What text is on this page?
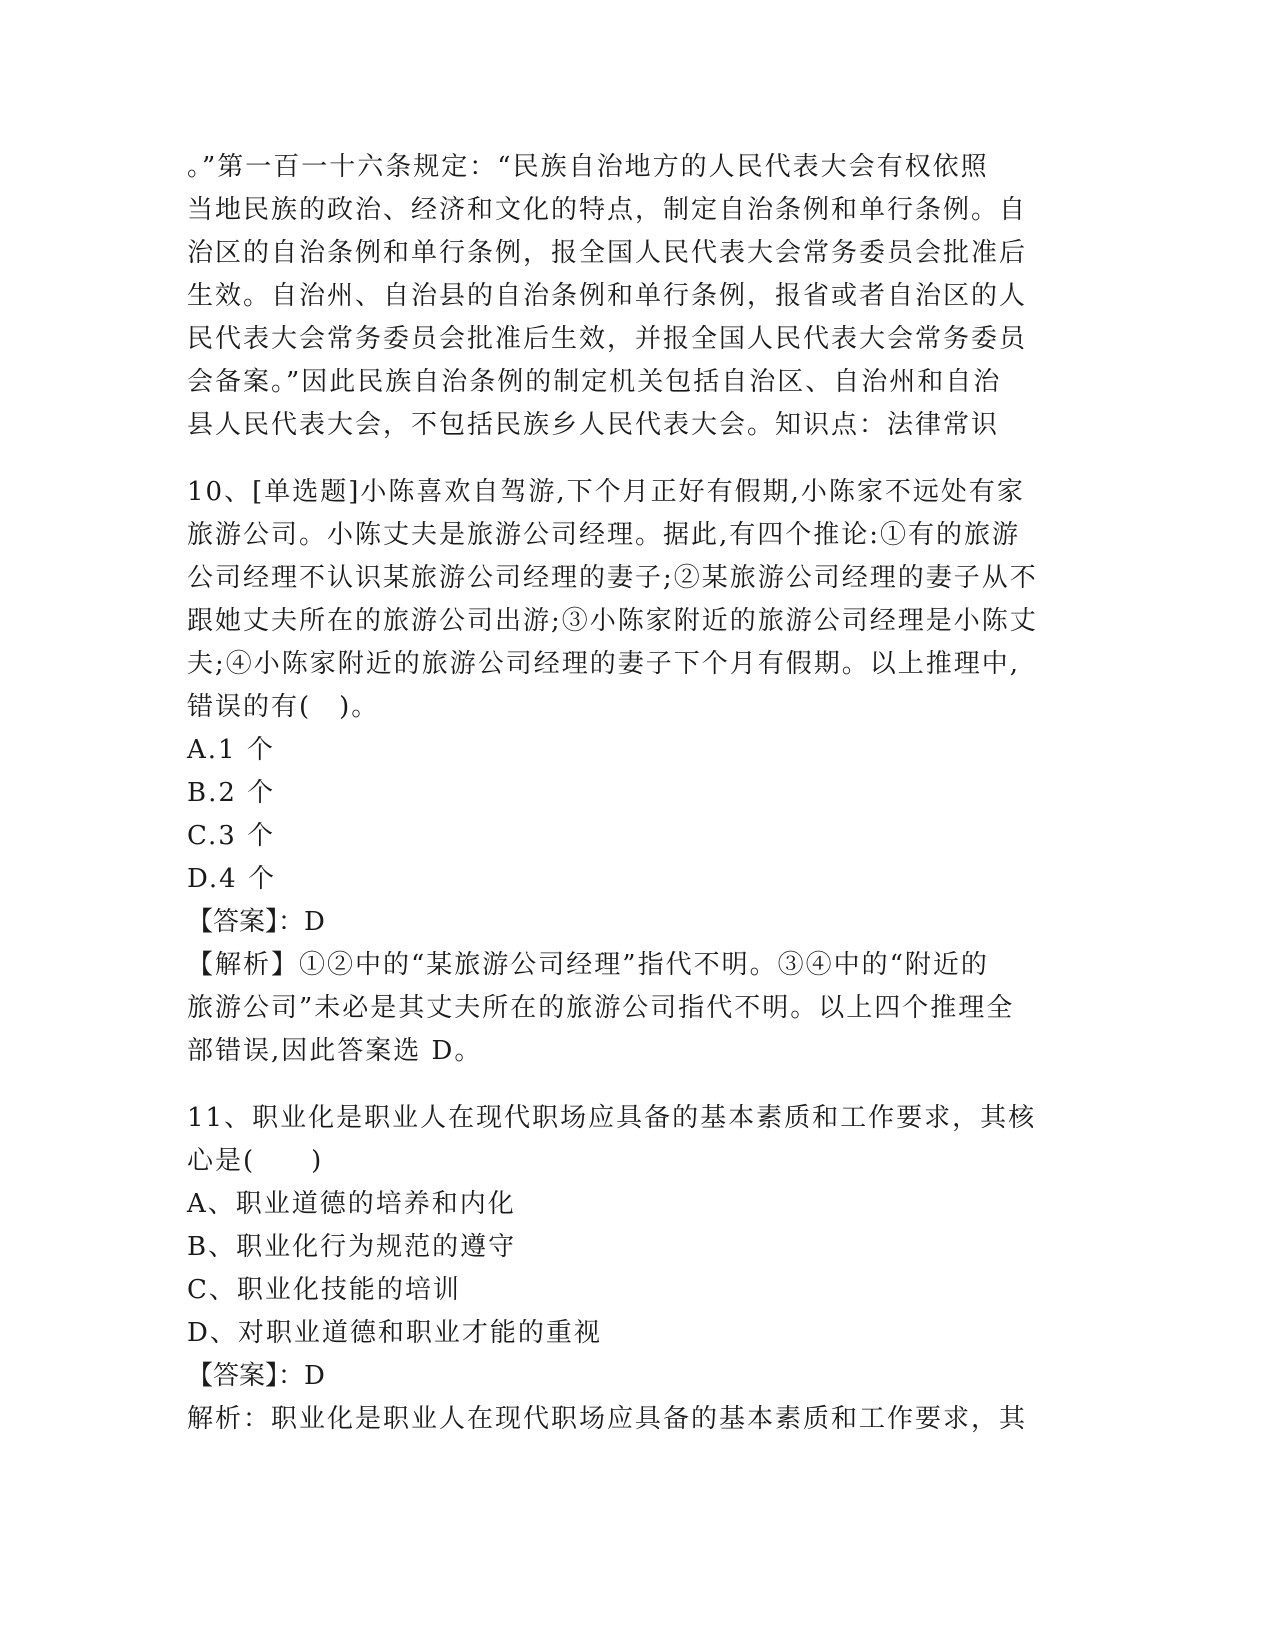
。”第一百一十六条规定：“民族自治地方的人民代表大会有权依照
当地民族的政治、经济和文化的特点，制定自治条例和单行条例。自
治区的自治条例和单行条例，报全国人民代表大会常务委员会批准后
生效。自治州、自治县的自治条例和单行条例，报省或者自治区的人
民代表大会常务委员会批准后生效，并报全国人民代表大会常务委员
会备案。”因此民族自治条例的制定机关包括自治区、自治州和自治
县人民代表大会，不包括民族乡人民代表大会。知识点：法律常识
10、[单选题]小陈喜欢自驾游,下个月正好有假期,小陈家不远处有家
旅游公司。小陈丈夫是旅游公司经理。据此,有四个推论:①有的旅游
公司经理不认识某旅游公司经理的妻子;②某旅游公司经理的妻子从不
跟她丈夫所在的旅游公司出游;③小陈家附近的旅游公司经理是小陈丈
夫;④小陈家附近的旅游公司经理的妻子下个月有假期。以上推理中,
错误的有(　)。
A.1 个
B.2 个
C.3 个
D.4 个
【答案】：D
【解析】①②中的“某旅游公司经理”指代不明。③④中的“附近的
旅游公司”未必是其丈夫所在的旅游公司指代不明。以上四个推理全
部错误,因此答案选 D。
11、职业化是职业人在现代职场应具备的基本素质和工作要求，其核
心是(　　)
A、职业道德的培养和内化
B、职业化行为规范的遵守
C、职业化技能的培训
D、对职业道德和职业才能的重视
【答案】：D
解析：职业化是职业人在现代职场应具备的基本素质和工作要求，其
